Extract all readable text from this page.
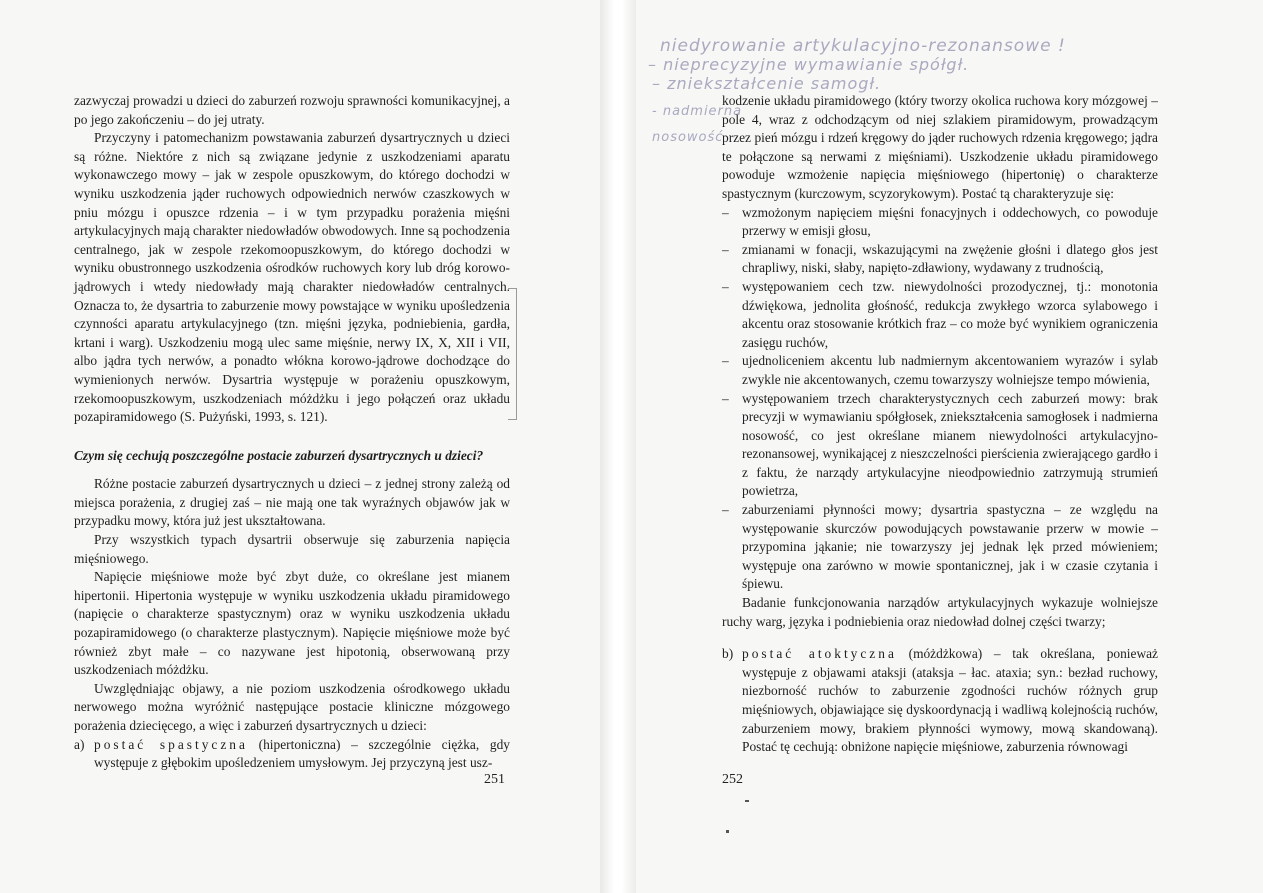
zazwyczaj prowadzi u dzieci do zaburzeń rozwoju sprawności komunikacyjnej, a po jego zakończeniu – do jej utraty.

Przyczyny i patomechanizm powstawania zaburzeń dysartrycznych u dzieci są różne. Niektóre z nich są związane jedynie z uszkodzeniami aparatu wykonawczego mowy – jak w zespole opuszkowym, do którego dochodzi w wyniku uszkodzenia jąder ruchowych odpowiednich nerwów czaszkowych w pniu mózgu i opuszce rdzenia – i w tym przypadku porażenia mięśni artykulacyjnych mają charakter niedowładów obwodowych. Inne są pochodzenia centralnego, jak w zespole rzekomoopuszkowym, do którego dochodzi w wyniku obustronnego uszkodzenia ośrodków ruchowych kory lub dróg korowo-jądrowych i wtedy niedowłady mają charakter niedowładów centralnych. Oznacza to, że dysartria to zaburzenie mowy powstające w wyniku upośledzenia czynności aparatu artykulacyjnego (tzn. mięśni języka, podniebienia, gardła, krtani i warg). Uszkodzeniu mogą ulec same mięśnie, nerwy IX, X, XII i VII, albo jądra tych nerwów, a ponadto włókna korowo-jądrowe dochodzące do wymienionych nerwów. Dysartria występuje w porażeniu opuszkowym, rzekomoopuszkowym, uszkodzeniach móżdżku i jego połączeń oraz układu pozapiramidowego (S. Pużyński, 1993, s. 121).

Czym się cechują poszczególne postacie zaburzeń dysartrycznych u dzieci?

Różne postacie zaburzeń dysartrycznych u dzieci – z jednej strony zależą od miejsca porażenia, z drugiej zaś – nie mają one tak wyraźnych objawów jak w przypadku mowy, która już jest ukształtowana.

Przy wszystkich typach dysartrii obserwuje się zaburzenia napięcia mięśniowego.

Napięcie mięśniowe może być zbyt duże, co określane jest mianem hipertonii. Hipertonia występuje w wyniku uszkodzenia układu piramidowego (napięcie o charakterze spastycznym) oraz w wyniku uszkodzenia układu pozapiramidowego (o charakterze plastycznym). Napięcie mięśniowe może być również zbyt małe – co nazywane jest hipotonią, obserwowaną przy uszkodzeniach móżdżku.

Uwzględniając objawy, a nie poziom uszkodzenia ośrodkowego układu nerwowego można wyróżnić następujące postacie kliniczne mózgowego porażenia dziecięcego, a więc i zaburzeń dysartrycznych u dzieci:

a) postać spastyczna (hipertoniczna) – szczególnie ciężka, gdy występuje z głębokim upośledzeniem umysłowym. Jej przyczyną jest usz-

251
niedyrowanie artykulacyjno-rezonansowe !
– nieprecyzyjne wymawianie spółgł.
– zniekształcenie samogł.
- nadmierna
nosowość

kodzenie układu piramidowego (który tworzy okolica ruchowa kory mózgowej – pole 4, wraz z odchodzącym od niej szlakiem piramidowym, prowadzącym przez pień mózgu i rdzeń kręgowy do jąder ruchowych rdzenia kręgowego; jądra te połączone są nerwami z mięśniami). Uszkodzenie układu piramidowego powoduje wzmożenie napięcia mięśniowego (hipertonię) o charakterze spastycznym (kurczowym, scyzorykowym). Postać tą charakteryzuje się:

– wzmożonym napięciem mięśni fonacyjnych i oddechowych, co powoduje przerwy w emisji głosu,

– zmianami w fonacji, wskazującymi na zwężenie głośni i dlatego głos jest chrapliwy, niski, słaby, napięto-zdławiony, wydawany z trudnością,

– występowaniem cech tzw. niewydolności prozodycznej, tj.: monotonia dźwiękowa, jednolita głośność, redukcja zwykłego wzorca sylabowego i akcentu oraz stosowanie krótkich fraz – co może być wynikiem ograniczenia zasięgu ruchów,

– ujednoliceniem akcentu lub nadmiernym akcentowaniem wyrazów i sylab zwykle nie akcentowanych, czemu towarzyszy wolniejsze tempo mówienia,

– występowaniem trzech charakterystycznych cech zaburzeń mowy: brak precyzji w wymawianiu spółgłosek, zniekształcenia samogłosek i nadmierna nosowość, co jest określane mianem niewydolności artykulacyjno-rezonansowej, wynikającej z nieszczelności pierścienia zwierającego gardło i z faktu, że narządy artykulacyjne nieodpowiednio zatrzymują strumień powietrza,

– zaburzeniami płynności mowy; dysartria spastyczna – ze względu na występowanie skurczów powodujących powstawanie przerw w mowie – przypomina jąkanie; nie towarzyszy jej jednak lęk przed mówieniem; występuje ona zarówno w mowie spontanicznej, jak i w czasie czytania i śpiewu.

Badanie funkcjonowania narządów artykulacyjnych wykazuje wolniejsze ruchy warg, języka i podniebienia oraz niedowład dolnej części twarzy;

b) postać atoktyczna (móżdżkowa) – tak określana, ponieważ występuje z objawami ataksji (ataksja – łac. ataxia; syn.: bezład ruchowy, niezborność ruchów to zaburzenie zgodności ruchów różnych grup mięśniowych, objawiające się dyskoordynacją i wadliwą kolejnością ruchów, zaburzeniem mowy, brakiem płynności wymowy, mową skandowaną). Postać tę cechują: obniżone napięcie mięśniowe, zaburzenia równowagi

252
